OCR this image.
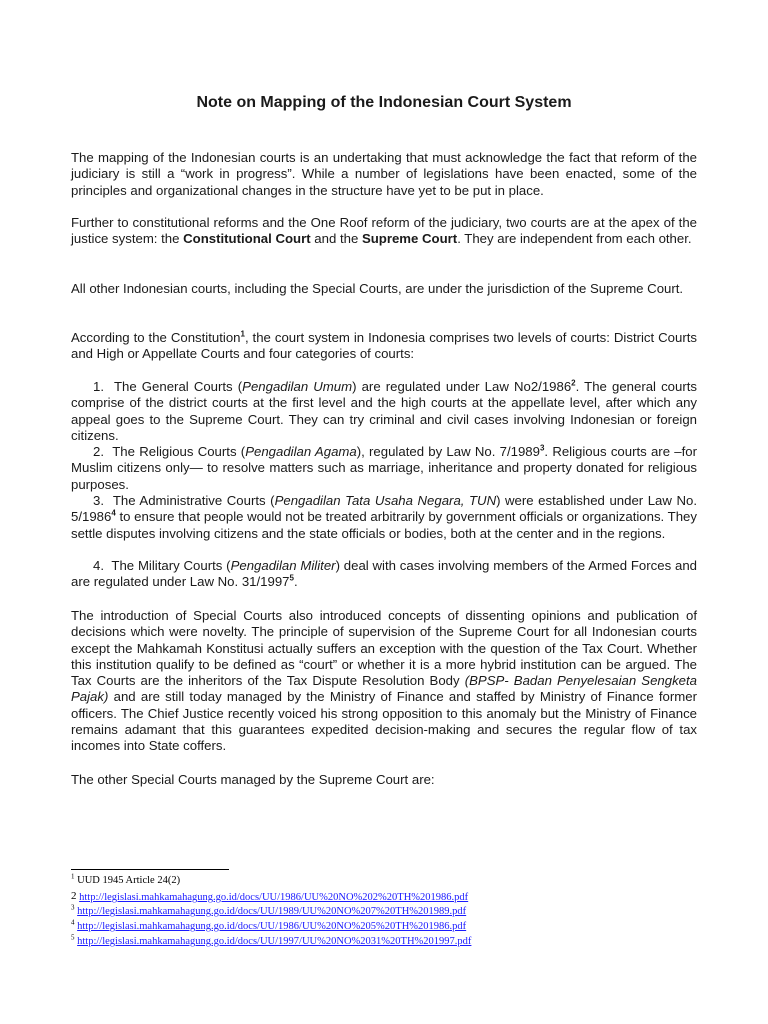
Note on Mapping of the Indonesian Court System

The mapping of the Indonesian courts is an undertaking that must acknowledge the fact that reform of the judiciary is still a “work in progress”. While a number of legislations have been enacted, some of the principles and organizational changes in the structure have yet to be put in place.

Further to constitutional reforms and the One Roof reform of the judiciary, two courts are at the apex of the justice system: the Constitutional Court and the Supreme Court. They are independent from each other.

All other Indonesian courts, including the Special Courts, are under the jurisdiction of the Supreme Court.

According to the Constitution$^1$, the court system in Indonesia comprises two levels of courts: District Courts and High or Appellate Courts and four categories of courts:

1. The General Courts (Pengadilan Umum) are regulated under Law No2/1986$^2$. The general courts comprise of the district courts at the first level and the high courts at the appellate level, after which any appeal goes to the Supreme Court. They can try criminal and civil cases involving Indonesian or foreign citizens.

2. The Religious Courts (Pengadilan Agama), regulated by Law No. 7/1989$^3$. Religious courts are –for Muslim citizens only— to resolve matters such as marriage, inheritance and property donated for religious purposes.

3. The Administrative Courts (Pengadilan Tata Usaha Negara, TUN) were established under Law No. 5/1986$^4$ to ensure that people would not be treated arbitrarily by government officials or organizations. They settle disputes involving citizens and the state officials or bodies, both at the center and in the regions.

4. The Military Courts (Pengadilan Militer) deal with cases involving members of the Armed Forces and are regulated under Law No. 31/1997$^5$.

The introduction of Special Courts also introduced concepts of dissenting opinions and publication of decisions which were novelty. The principle of supervision of the Supreme Court for all Indonesian courts except the Mahkamah Konstitusi actually suffers an exception with the question of the Tax Court. Whether this institution qualify to be defined as “court” or whether it is a more hybrid institution can be argued. The Tax Courts are the inheritors of the Tax Dispute Resolution Body (BPSP- Badan Penyelesaian Sengketa Pajak) and are still today managed by the Ministry of Finance and staffed by Ministry of Finance former officers. The Chief Justice recently voiced his strong opposition to this anomaly but the Ministry of Finance remains adamant that this guarantees expedited decision-making and secures the regular flow of tax incomes into State coffers.

The other Special Courts managed by the Supreme Court are:

$^1$ UUD 1945 Article 24(2)
2 http://legislasi.mahkamahagung.go.id/docs/UU/1986/UU%20NO%202%20TH%201986.pdf
$^3$ http://legislasi.mahkamahagung.go.id/docs/UU/1989/UU%20NO%207%20TH%201989.pdf
$^4$ http://legislasi.mahkamahagung.go.id/docs/UU/1986/UU%20NO%205%20TH%201986.pdf
$^5$ http://legislasi.mahkamahagung.go.id/docs/UU/1997/UU%20NO%2031%20TH%201997.pdf
